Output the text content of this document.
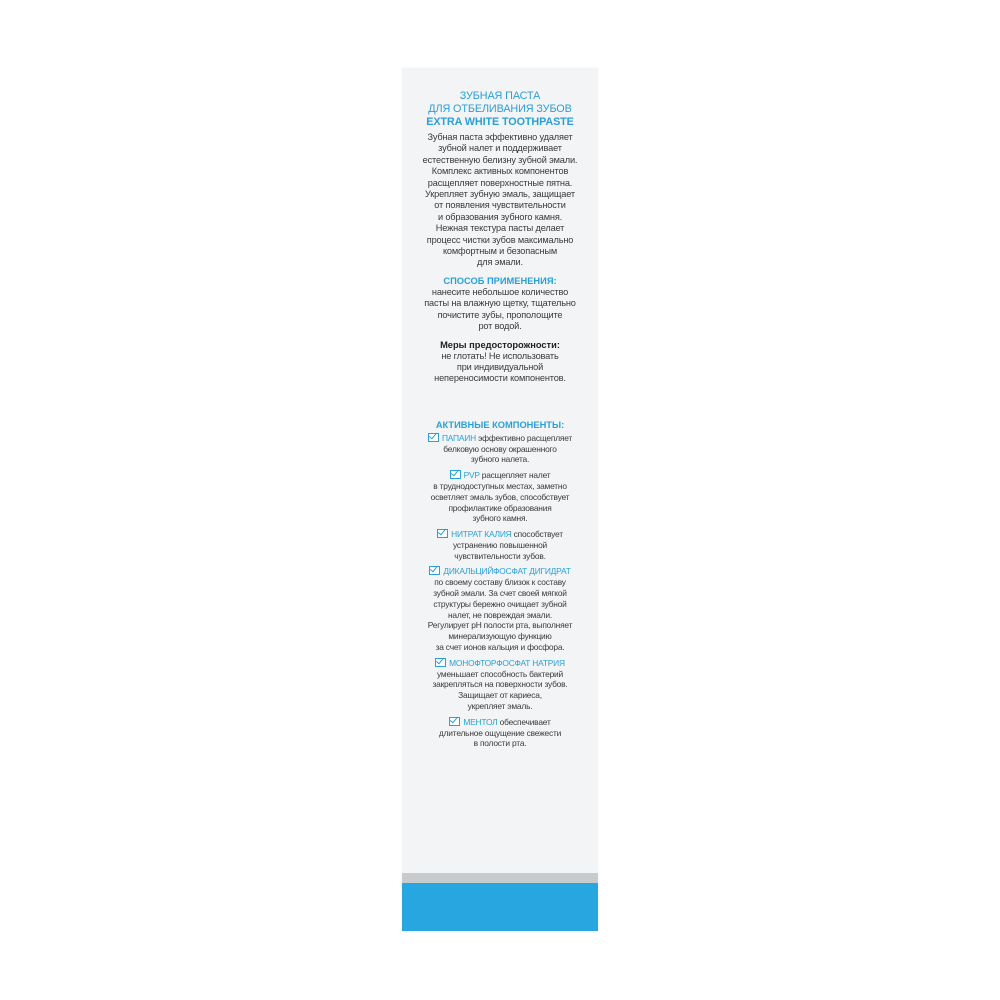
ЗУБНАЯ ПАСТА
ДЛЯ ОТБЕЛИВАНИЯ ЗУБОВ
EXTRA WHITE TOOTHPASTE
Зубная паста эффективно удаляет
зубной налет и поддерживает
естественную белизну зубной эмали.
Комплекс активных компонентов
расщепляет поверхностные пятна.
Укрепляет зубную эмаль, защищает
от появления чувствительности
и образования зубного камня.
Нежная текстура пасты делает
процесс чистки зубов максимально
комфортным и безопасным
для эмали.
СПОСОБ ПРИМЕНЕНИЯ:
нанесите небольшое количество
пасты на влажную щетку, тщательно
почистите зубы, прополощите
рот водой.
Меры предосторожности:
не глотать! Не использовать
при индивидуальной
непереносимости компонентов.
АКТИВНЫЕ КОМПОНЕНТЫ:
ПАПАИН эффективно расщепляет
белковую основу окрашенного
зубного налета.
PVP расщепляет налет
в труднодоступных местах, заметно
осветляет эмаль зубов, способствует
профилактике образования
зубного камня.
НИТРАТ КАЛИЯ способствует
устранению повышенной
чувствительности зубов.
ДИКАЛЬЦИЙФОСФАТ ДИГИДРАТ
по своему составу близок к составу
зубной эмали. За счет своей мягкой
структуры бережно очищает зубной
налет, не повреждая эмали.
Регулирует pH полости рта, выполняет
минерализующую функцию
за счет ионов кальция и фосфора.
МОНОФТОРФОСФАТ НАТРИЯ
уменьшает способность бактерий
закрепляться на поверхности зубов.
Защищает от кариеса,
укрепляет эмаль.
МЕНТОЛ обеспечивает
длительное ощущение свежести
в полости рта.
